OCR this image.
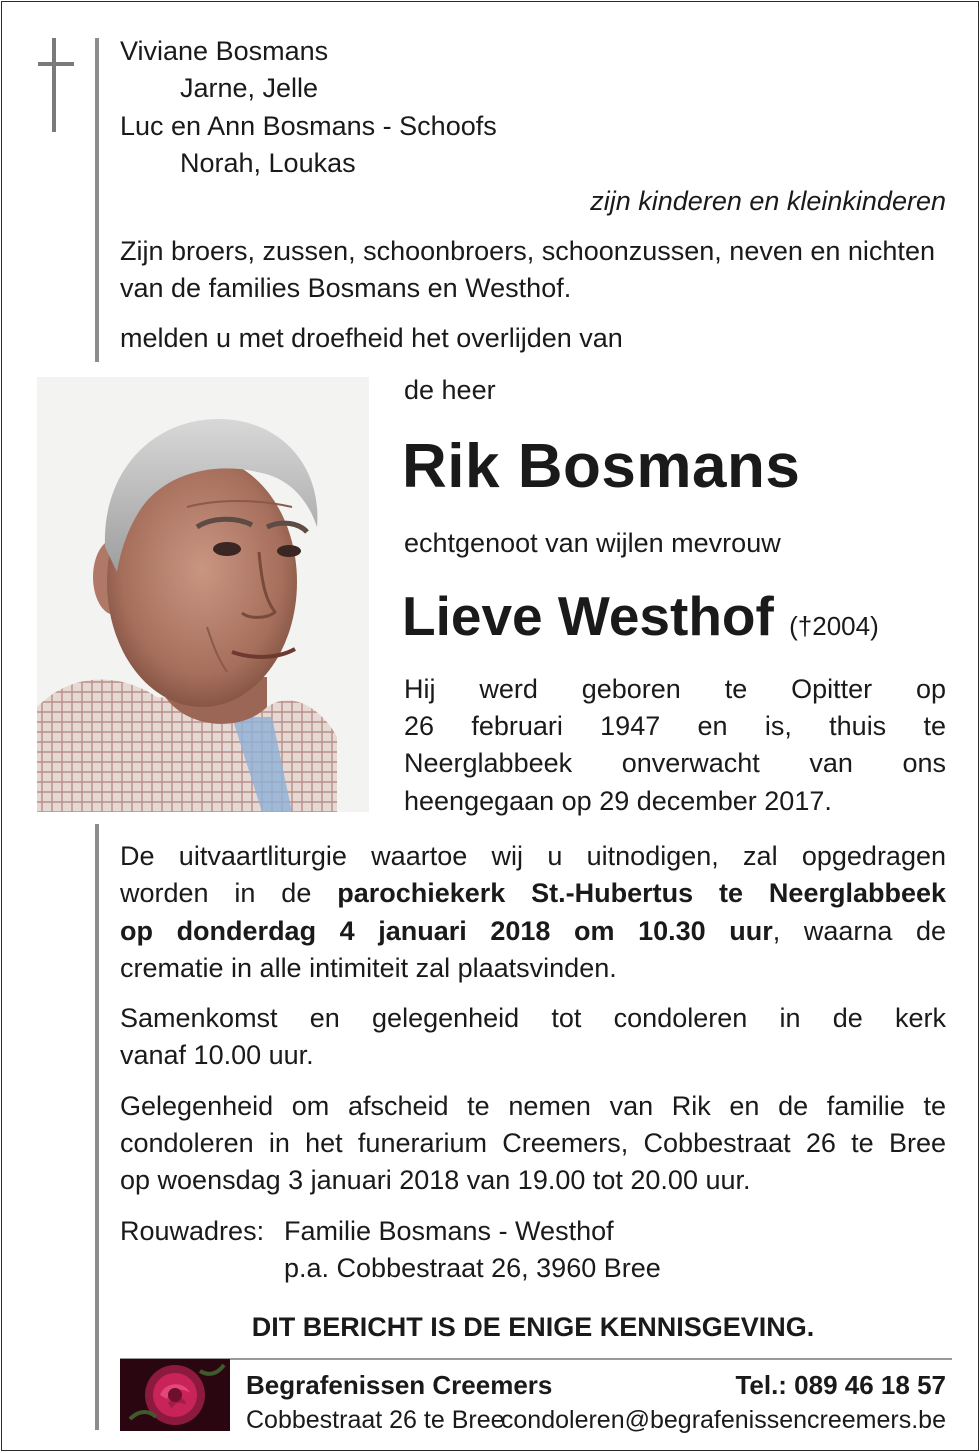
Viviane Bosmans
Jarne, Jelle
Luc en Ann Bosmans - Schoofs
Norah, Loukas
zijn kinderen en kleinkinderen
Zijn broers, zussen, schoonbroers, schoonzussen, neven en nichten
van de families Bosmans en Westhof.
melden u met droefheid het overlijden van
de heer
Rik Bosmans
echtgenoot van wijlen mevrouw
Lieve Westhof (†2004)
Hij werd geboren te Opitter op
26 februari 1947 en is, thuis te
Neerglabbeek onverwacht van ons
heengegaan op 29 december 2017.
De uitvaartliturgie waartoe wij u uitnodigen, zal opgedragen
worden in de parochiekerk St.-Hubertus te Neerglabbeek
op donderdag 4 januari 2018 om 10.30 uur, waarna de
crematie in alle intimiteit zal plaatsvinden.
Samenkomst en gelegenheid tot condoleren in de kerk
vanaf 10.00 uur.
Gelegenheid om afscheid te nemen van Rik en de familie te
condoleren in het funerarium Creemers, Cobbestraat 26 te Bree
op woensdag 3 januari 2018 van 19.00 tot 20.00 uur.
Rouwadres: Familie Bosmans - Westhof
p.a. Cobbestraat 26, 3960 Bree
DIT BERICHT IS DE ENIGE KENNISGEVING.
Begrafenissen Creemers	Tel.: 089 46 18 57
Cobbestraat 26 te Bree
condoleren@begrafenissencreemers.be
